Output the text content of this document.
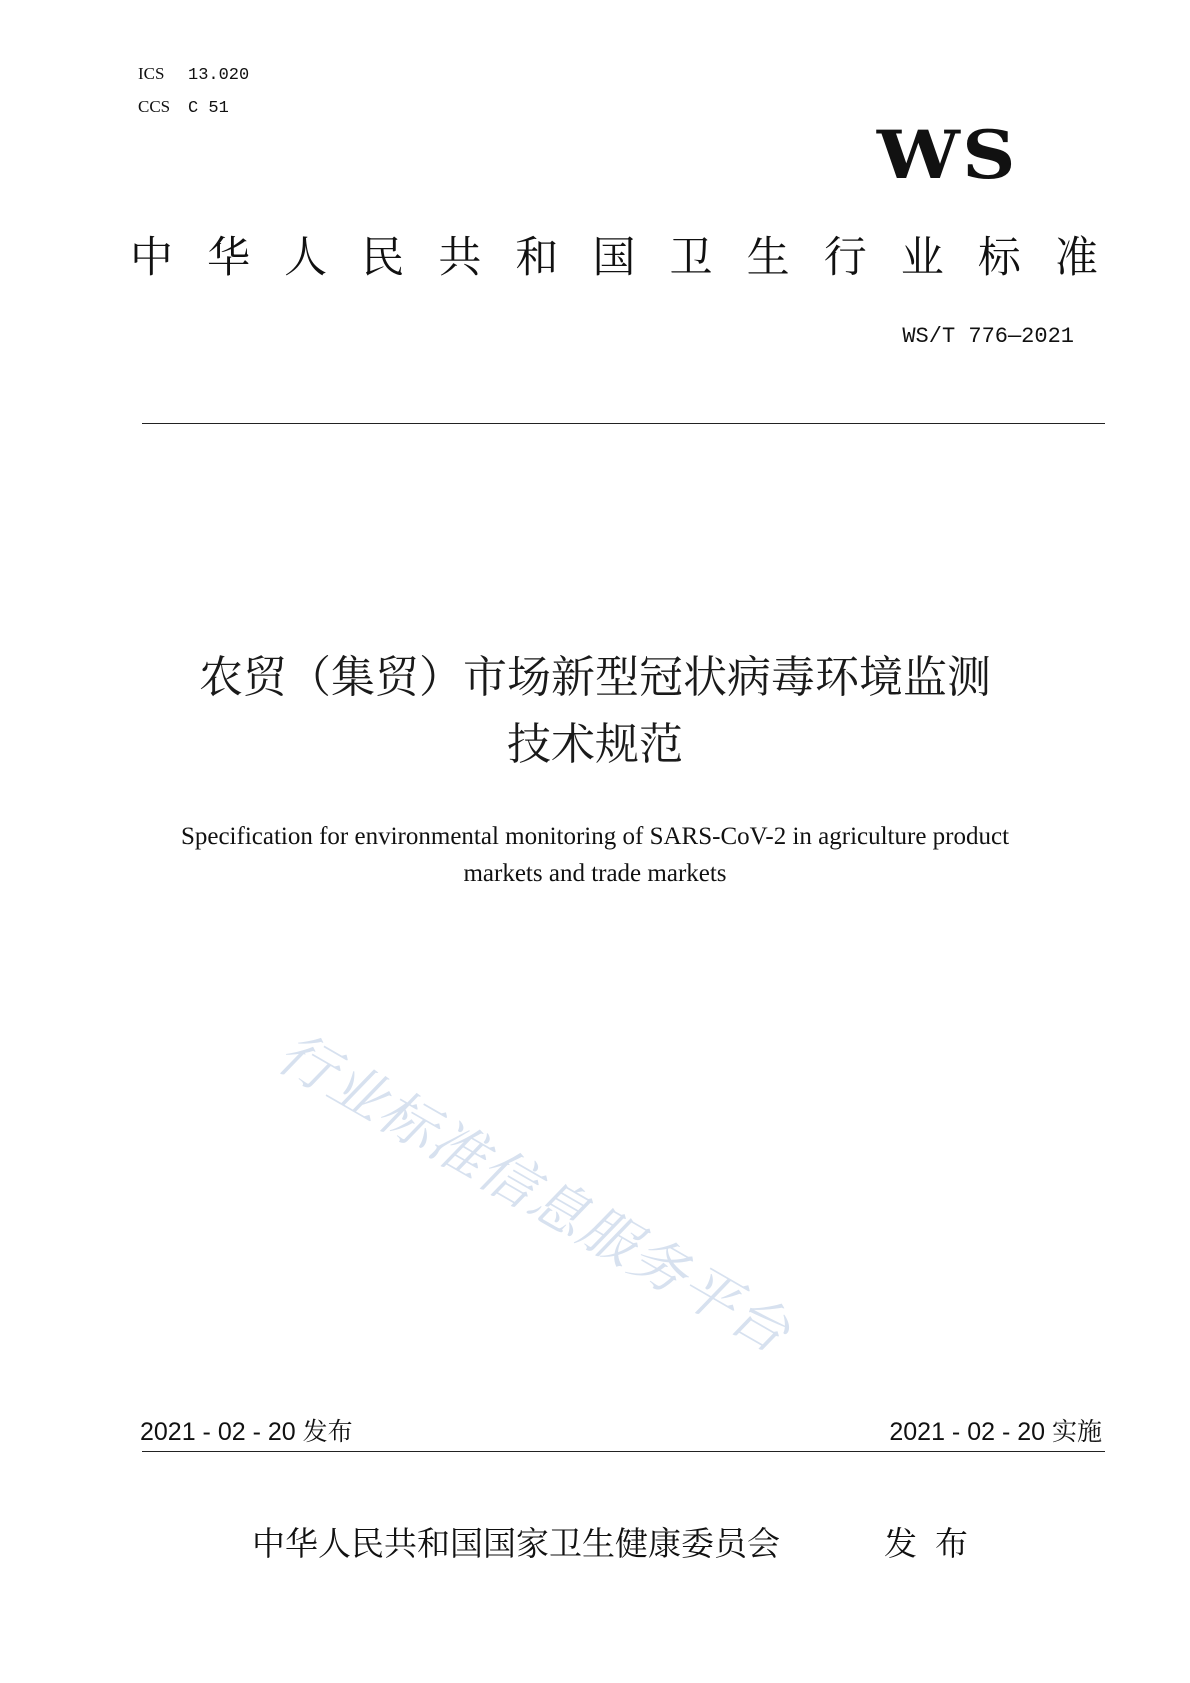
ICS 13.020
CCS C 51
WS
中 华 人 民 共 和 国 卫 生 行 业 标 准
WS/T 776—2021
农贸（集贸）市场新型冠状病毒环境监测
技术规范
Specification for environmental monitoring of SARS-CoV-2 in agriculture product
markets and trade markets
行业标准信息服务平台
2021 - 02 - 20 发布	2021 - 02 - 20 实施
中华人民共和国国家卫生健康委员会	发布
